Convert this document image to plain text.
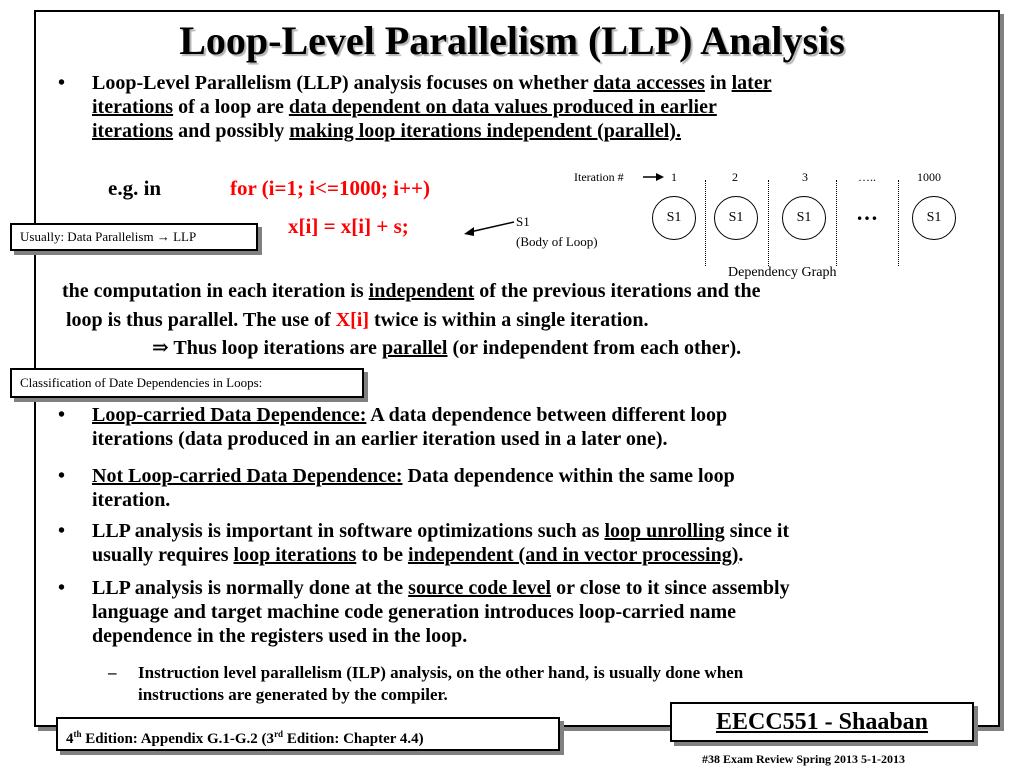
Loop-Level Parallelism (LLP) Analysis
• Loop-Level Parallelism (LLP) analysis focuses on whether data accesses in later
iterations of a loop are data dependent on data values produced in earlier
iterations and possibly making loop iterations independent (parallel).
e.g. in	for (i=1; i<=1000; i++)
x[i] = x[i] + s;	S1
(Body of Loop)
Usually: Data Parallelism → LLP
Iteration #	1	2	3	…..	1000
S1	S1	S1	…	S1
Dependency Graph
the computation in each iteration is independent of the previous iterations and the
loop is thus parallel. The use of X[i] twice is within a single iteration.
⇒ Thus loop iterations are parallel (or independent from each other).
Classification of Date Dependencies in Loops:
• Loop-carried Data Dependence: A data dependence between different loop
iterations (data produced in an earlier iteration used in a later one).
• Not Loop-carried Data Dependence: Data dependence within the same loop
iteration.
• LLP analysis is important in software optimizations such as loop unrolling since it
usually requires loop iterations to be independent (and in vector processing).
• LLP analysis is normally done at the source code level or close to it since assembly
language and target machine code generation introduces loop-carried name
dependence in the registers used in the loop.
– Instruction level parallelism (ILP) analysis, on the other hand, is usually done when
instructions are generated by the compiler.
4th Edition: Appendix G.1-G.2 (3rd Edition: Chapter 4.4)
EECC551 - Shaaban
#38 Exam Review Spring 2013 5-1-2013
